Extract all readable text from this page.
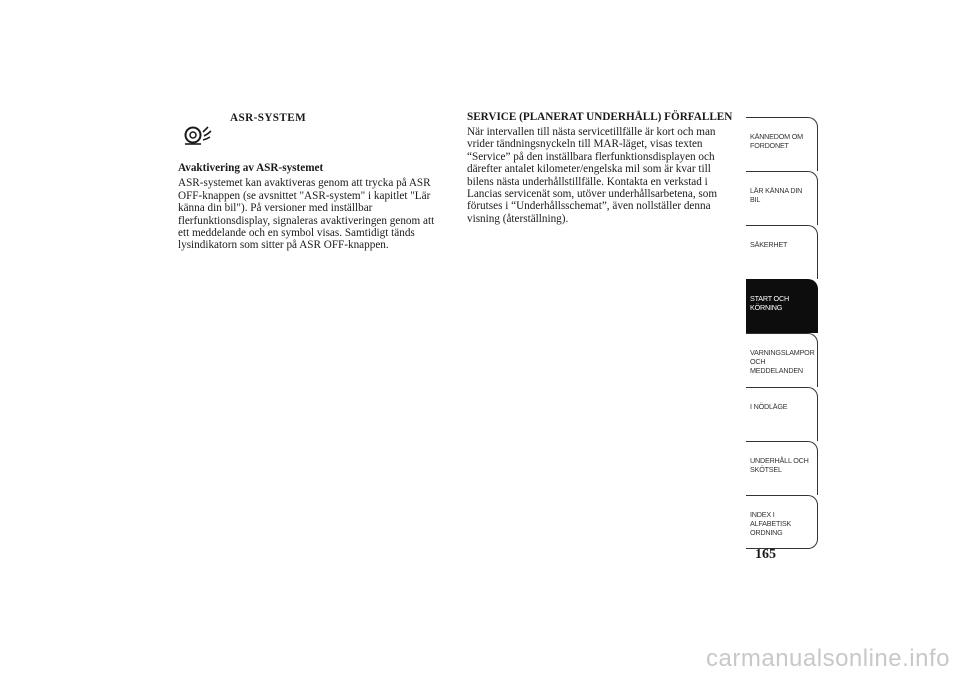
ASR-SYSTEM

Avaktivering av ASR-systemet

ASR-systemet kan avaktiveras genom att trycka på ASR OFF-knappen (se avsnittet "ASR-system" i kapitlet "Lär känna din bil"). På versioner med inställbar flerfunktionsdisplay, signaleras avaktiveringen genom att ett meddelande och en symbol visas. Samtidigt tänds lysindikatorn som sitter på ASR OFF-knappen.

SERVICE (PLANERAT UNDERHÅLL) FÖRFALLEN

När intervallen till nästa servicetillfälle är kort och man vrider tändningsnyckeln till MAR-läget, visas texten “Service” på den inställbara flerfunktionsdisplayen och därefter antalet kilometer/engelska mil som är kvar till bilens nästa underhållstillfälle. Kontakta en verkstad i Lancias servicenät som, utöver underhållsarbetena, som förutses i “Underhållsschemat”, även nollställer denna visning (återställning).

KÄNNEDOM OM
FORDONET
LÄR KÄNNA DIN
BIL
SÄKERHET
START OCH
KÖRNING
VARNINGSLAMPOR
OCH
MEDDELANDEN
I NÖDLÄGE
UNDERHÅLL OCH
SKÖTSEL
INDEX I
ALFABETISK
ORDNING
165
carmanualsonline.info
